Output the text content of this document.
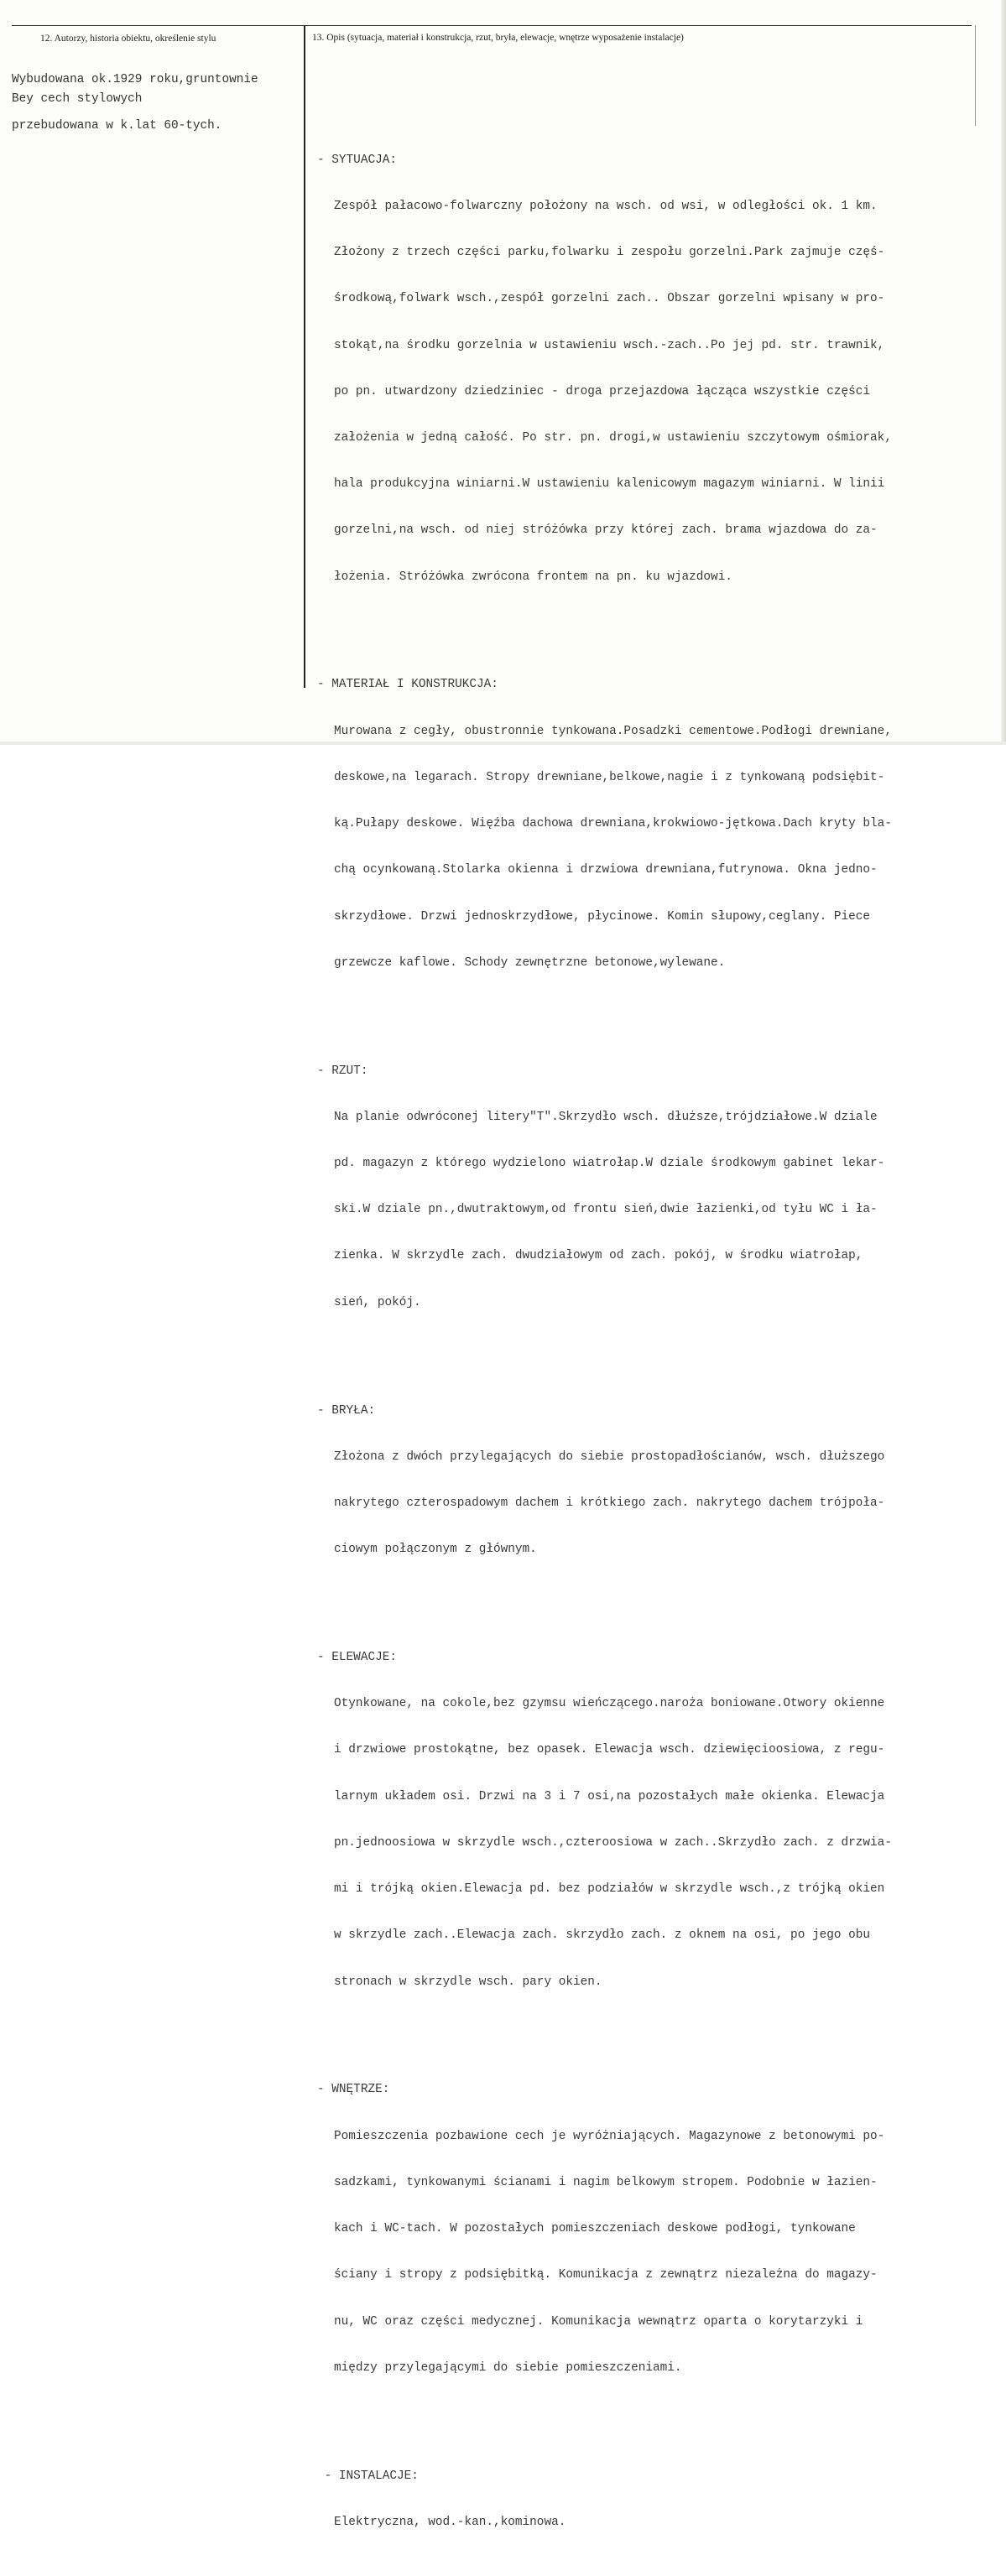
12. Autorzy, historia obiektu, określenie stylu	13. Opis (sytuacja, materiał i konstrukcja, rzut, bryła, elewacje, wnętrze wyposażenie instalacje)

Wybudowana ok.1929 roku,gruntownie

przebudowana w k.lat 60-tych.

Bey cech stylowych

- SYTUACJA:

Zespół pałacowo-folwarczny położony na wsch. od wsi, w odległości ok. 1 km.

Złożony z trzech części parku,folwarku i zespołu gorzelni.Park zajmuje częś-

środkową,folwark wsch.,zespół gorzelni zach.. Obszar gorzelni wpisany w pro-

stokąt,na środku gorzelnia w ustawieniu wsch.-zach..Po jej pd. str. trawnik,

po pn. utwardzony dziedziniec - droga przejazdowa łącząca wszystkie części

założenia w jedną całość. Po str. pn. drogi,w ustawieniu szczytowym ośmiorak,

hala produkcyjna winiarni.W ustawieniu kalenicowym magazym winiarni. W linii

gorzelni,na wsch. od niej stróżówka przy której zach. brama wjazdowa do za-

łożenia. Stróżówka zwrócona frontem na pn. ku wjazdowi.

- MATERIAŁ I KONSTRUKCJA:

Murowana z cegły, obustronnie tynkowana.Posadzki cementowe.Podłogi drewniane,

deskowe,na legarach. Stropy drewniane,belkowe,nagie i z tynkowaną podsiębit-

ką.Pułapy deskowe. Więźba dachowa drewniana,krokwiowo-jętkowa.Dach kryty bla-

chą ocynkowaną.Stolarka okienna i drzwiowa drewniana,futrynowa. Okna jedno-

skrzydłowe. Drzwi jednoskrzydłowe, płycinowe. Komin słupowy,ceglany. Piece

grzewcze kaflowe. Schody zewnętrzne betonowe,wylewane.

- RZUT:

Na planie odwróconej litery"T".Skrzydło wsch. dłuższe,trójdziałowe.W dziale

pd. magazyn z którego wydzielono wiatrołap.W dziale środkowym gabinet lekar-

ski.W dziale pn.,dwutraktowym,od frontu sień,dwie łazienki,od tyłu WC i ła-

zienka. W skrzydle zach. dwudziałowym od zach. pokój, w środku wiatrołap,

sień, pokój.

- BRYŁA:

Złożona z dwóch przylegających do siebie prostopadłościanów, wsch. dłuższego

nakrytego czterospadowym dachem i krótkiego zach. nakrytego dachem trójpoła-

ciowym połączonym z głównym.

- ELEWACJE:

Otynkowane, na cokole,bez gzymsu wieńczącego.naroża boniowane.Otwory okienne

i drzwiowe prostokątne, bez opasek. Elewacja wsch. dziewięcioosiowa, z regu-

larnym układem osi. Drzwi na 3 i 7 osi,na pozostałych małe okienka. Elewacja

pn.jednoosiowa w skrzydle wsch.,czteroosiowa w zach..Skrzydło zach. z drzwia-

mi i trójką okien.Elewacja pd. bez podziałów w skrzydle wsch.,z trójką okien

w skrzydle zach..Elewacja zach. skrzydło zach. z oknem na osi, po jego obu

stronach w skrzydle wsch. pary okien.

- WNĘTRZE:

Pomieszczenia pozbawione cech je wyróżniających. Magazynowe z betonowymi po-

sadzkami, tynkowanymi ścianami i nagim belkowym stropem. Podobnie w łazien-

kach i WC-tach. W pozostałych pomieszczeniach deskowe podłogi, tynkowane

ściany i stropy z podsiębitką. Komunikacja z zewnątrz niezależna do magazy-

nu, WC oraz części medycznej. Komunikacja wewnątrz oparta o korytarzyki i

między przylegającymi do siebie pomieszczeniami.

- INSTALACJE:

Elektryczna, wod.-kan.,kominowa.
